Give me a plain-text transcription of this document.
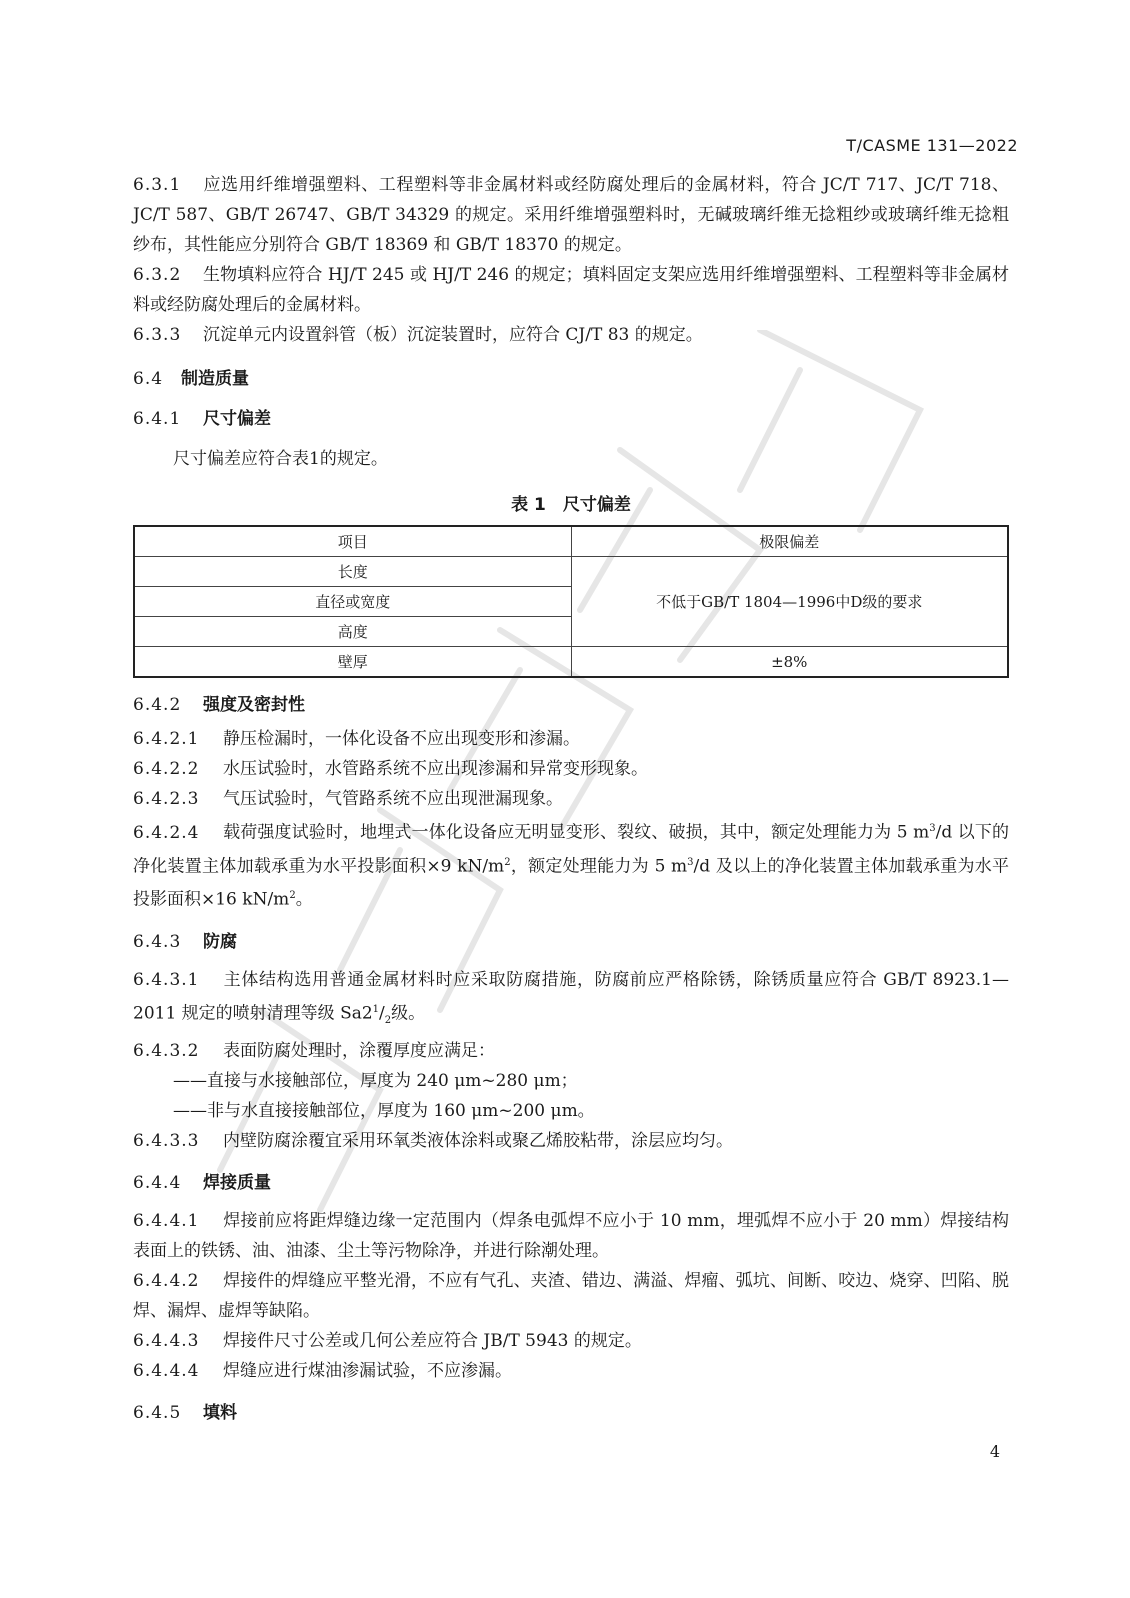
T/CASME 131—2022

6.3.1 应选用纤维增强塑料、工程塑料等非金属材料或经防腐处理后的金属材料，符合 JC/T 717、JC/T 718、JC/T 587、GB/T 26747、GB/T 34329 的规定。采用纤维增强塑料时，无碱玻璃纤维无捻粗纱或玻璃纤维无捻粗纱布，其性能应分别符合 GB/T 18369 和 GB/T 18370 的规定。

6.3.2 生物填料应符合 HJ/T 245 或 HJ/T 246 的规定；填料固定支架应选用纤维增强塑料、工程塑料等非金属材料或经防腐处理后的金属材料。

6.3.3 沉淀单元内设置斜管（板）沉淀装置时，应符合 CJ/T 83 的规定。

6.4 制造质量
6.4.1 尺寸偏差

尺寸偏差应符合表1的规定。

表 1　尺寸偏差
项目	极限偏差
长度	不低于GB/T 1804—1996中D级的要求
直径或宽度	
高度	
壁厚	±8%
6.4.2 强度及密封性

6.4.2.1 静压检漏时，一体化设备不应出现变形和渗漏。

6.4.2.2 水压试验时，水管路系统不应出现渗漏和异常变形现象。

6.4.2.3 气压试验时，气管路系统不应出现泄漏现象。

6.4.2.4 载荷强度试验时，地埋式一体化设备应无明显变形、裂纹、破损，其中，额定处理能力为 5 $m^3/d$ 以下的净化装置主体加载承重为水平投影面积×9 $kN/m^2$，额定处理能力为 5 $m^3/d$ 及以上的净化装置主体加载承重为水平投影面积×16 $kN/m^2$。

6.4.3 防腐

6.4.3.1 主体结构选用普通金属材料时应采取防腐措施，防腐前应严格除锈，除锈质量应符合 GB/T 8923.1—2011 规定的喷射清理等级 $Sa2^1/_2$级。

6.4.3.2 表面防腐处理时，涂覆厚度应满足：

——直接与水接触部位，厚度为 240 μm~280 μm；

——非与水直接接触部位，厚度为 160 μm~200 μm。

6.4.3.3 内壁防腐涂覆宜采用环氧类液体涂料或聚乙烯胶粘带，涂层应均匀。

6.4.4 焊接质量

6.4.4.1 焊接前应将距焊缝边缘一定范围内（焊条电弧焊不应小于 10 mm，埋弧焊不应小于 20 mm）焊接结构表面上的铁锈、油、油漆、尘土等污物除净，并进行除潮处理。

6.4.4.2 焊接件的焊缝应平整光滑，不应有气孔、夹渣、错边、满溢、焊瘤、弧坑、间断、咬边、烧穿、凹陷、脱焊、漏焊、虚焊等缺陷。

6.4.4.3 焊接件尺寸公差或几何公差应符合 JB/T 5943 的规定。

6.4.4.4 焊缝应进行煤油渗漏试验，不应渗漏。

6.4.5 填料
4
